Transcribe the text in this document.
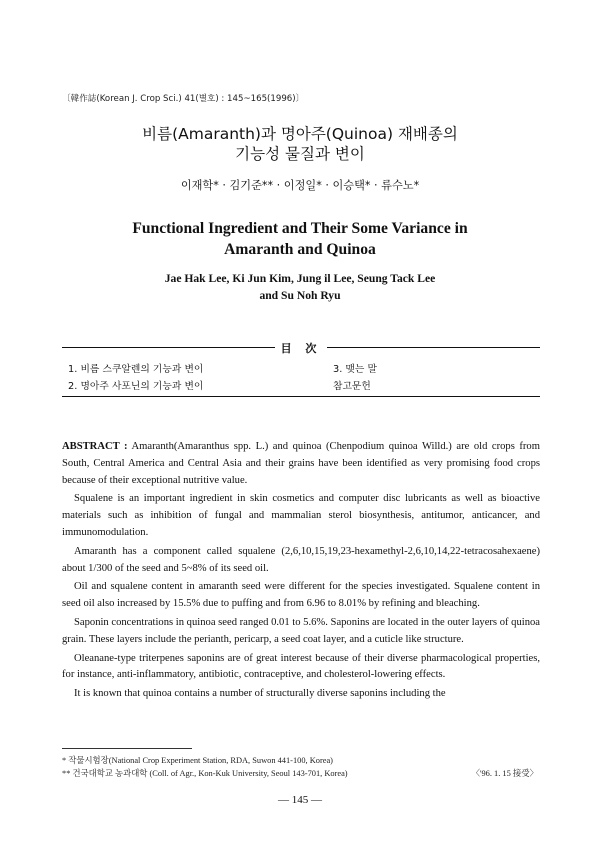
〔韓作誌(Korean J. Crop Sci.) 41(별호) : 145~165(1996)〕
비름(Amaranth)과 명아주(Quinoa) 재배종의
기능성 물질과 변이
이재학* · 김기준** · 이정일* · 이승택* · 류수노*
Functional Ingredient and Their Some Variance in
Amaranth and Quinoa
Jae Hak Lee, Ki Jun Kim, Jung il Lee, Seung Tack Lee
and Su Noh Ryu
目 次
1. 비름 스쿠알렌의 기능과 변이
2. 명아주 사포닌의 기능과 변이
3. 맺는 말
참고문헌

ABSTRACT : Amaranth(Amaranthus spp. L.) and quinoa (Chenpodium quinoa Willd.) are old crops from South, Central America and Central Asia and their grains have been identified as very promising food crops because of their exceptional nutritive value.

Squalene is an important ingredient in skin cosmetics and computer disc lubricants as well as bioactive materials such as inhibition of fungal and mammalian sterol biosynthesis, antitumor, anticancer, and immunomodulation.

Amaranth has a component called squalene (2,6,10,15,19,23-hexamethyl-2,6,10,14,22-tetracosahexaene) about 1/300 of the seed and 5~8% of its seed oil.

Oil and squalene content in amaranth seed were different for the species investigated. Squalene content in seed oil also increased by 15.5% due to puffing and from 6.96 to 8.01% by refining and bleaching.

Saponin concentrations in quinoa seed ranged 0.01 to 5.6%. Saponins are located in the outer layers of quinoa grain. These layers include the perianth, pericarp, a seed coat layer, and a cuticle like structure.

Oleanane-type triterpenes saponins are of great interest because of their diverse pharmacological properties, for instance, anti-inflammatory, antibiotic, contraceptive, and cholesterol-lowering effects.

It is known that quinoa contains a number of structurally diverse saponins including the

* 작물시험장(National Crop Experiment Station, RDA, Suwon 441-100, Korea)
** 건국대학교 농과대학 (Coll. of Agr., Kon-Kuk University, Seoul 143-701, Korea)	〈'96. 1. 15 接受〉
— 145 —
